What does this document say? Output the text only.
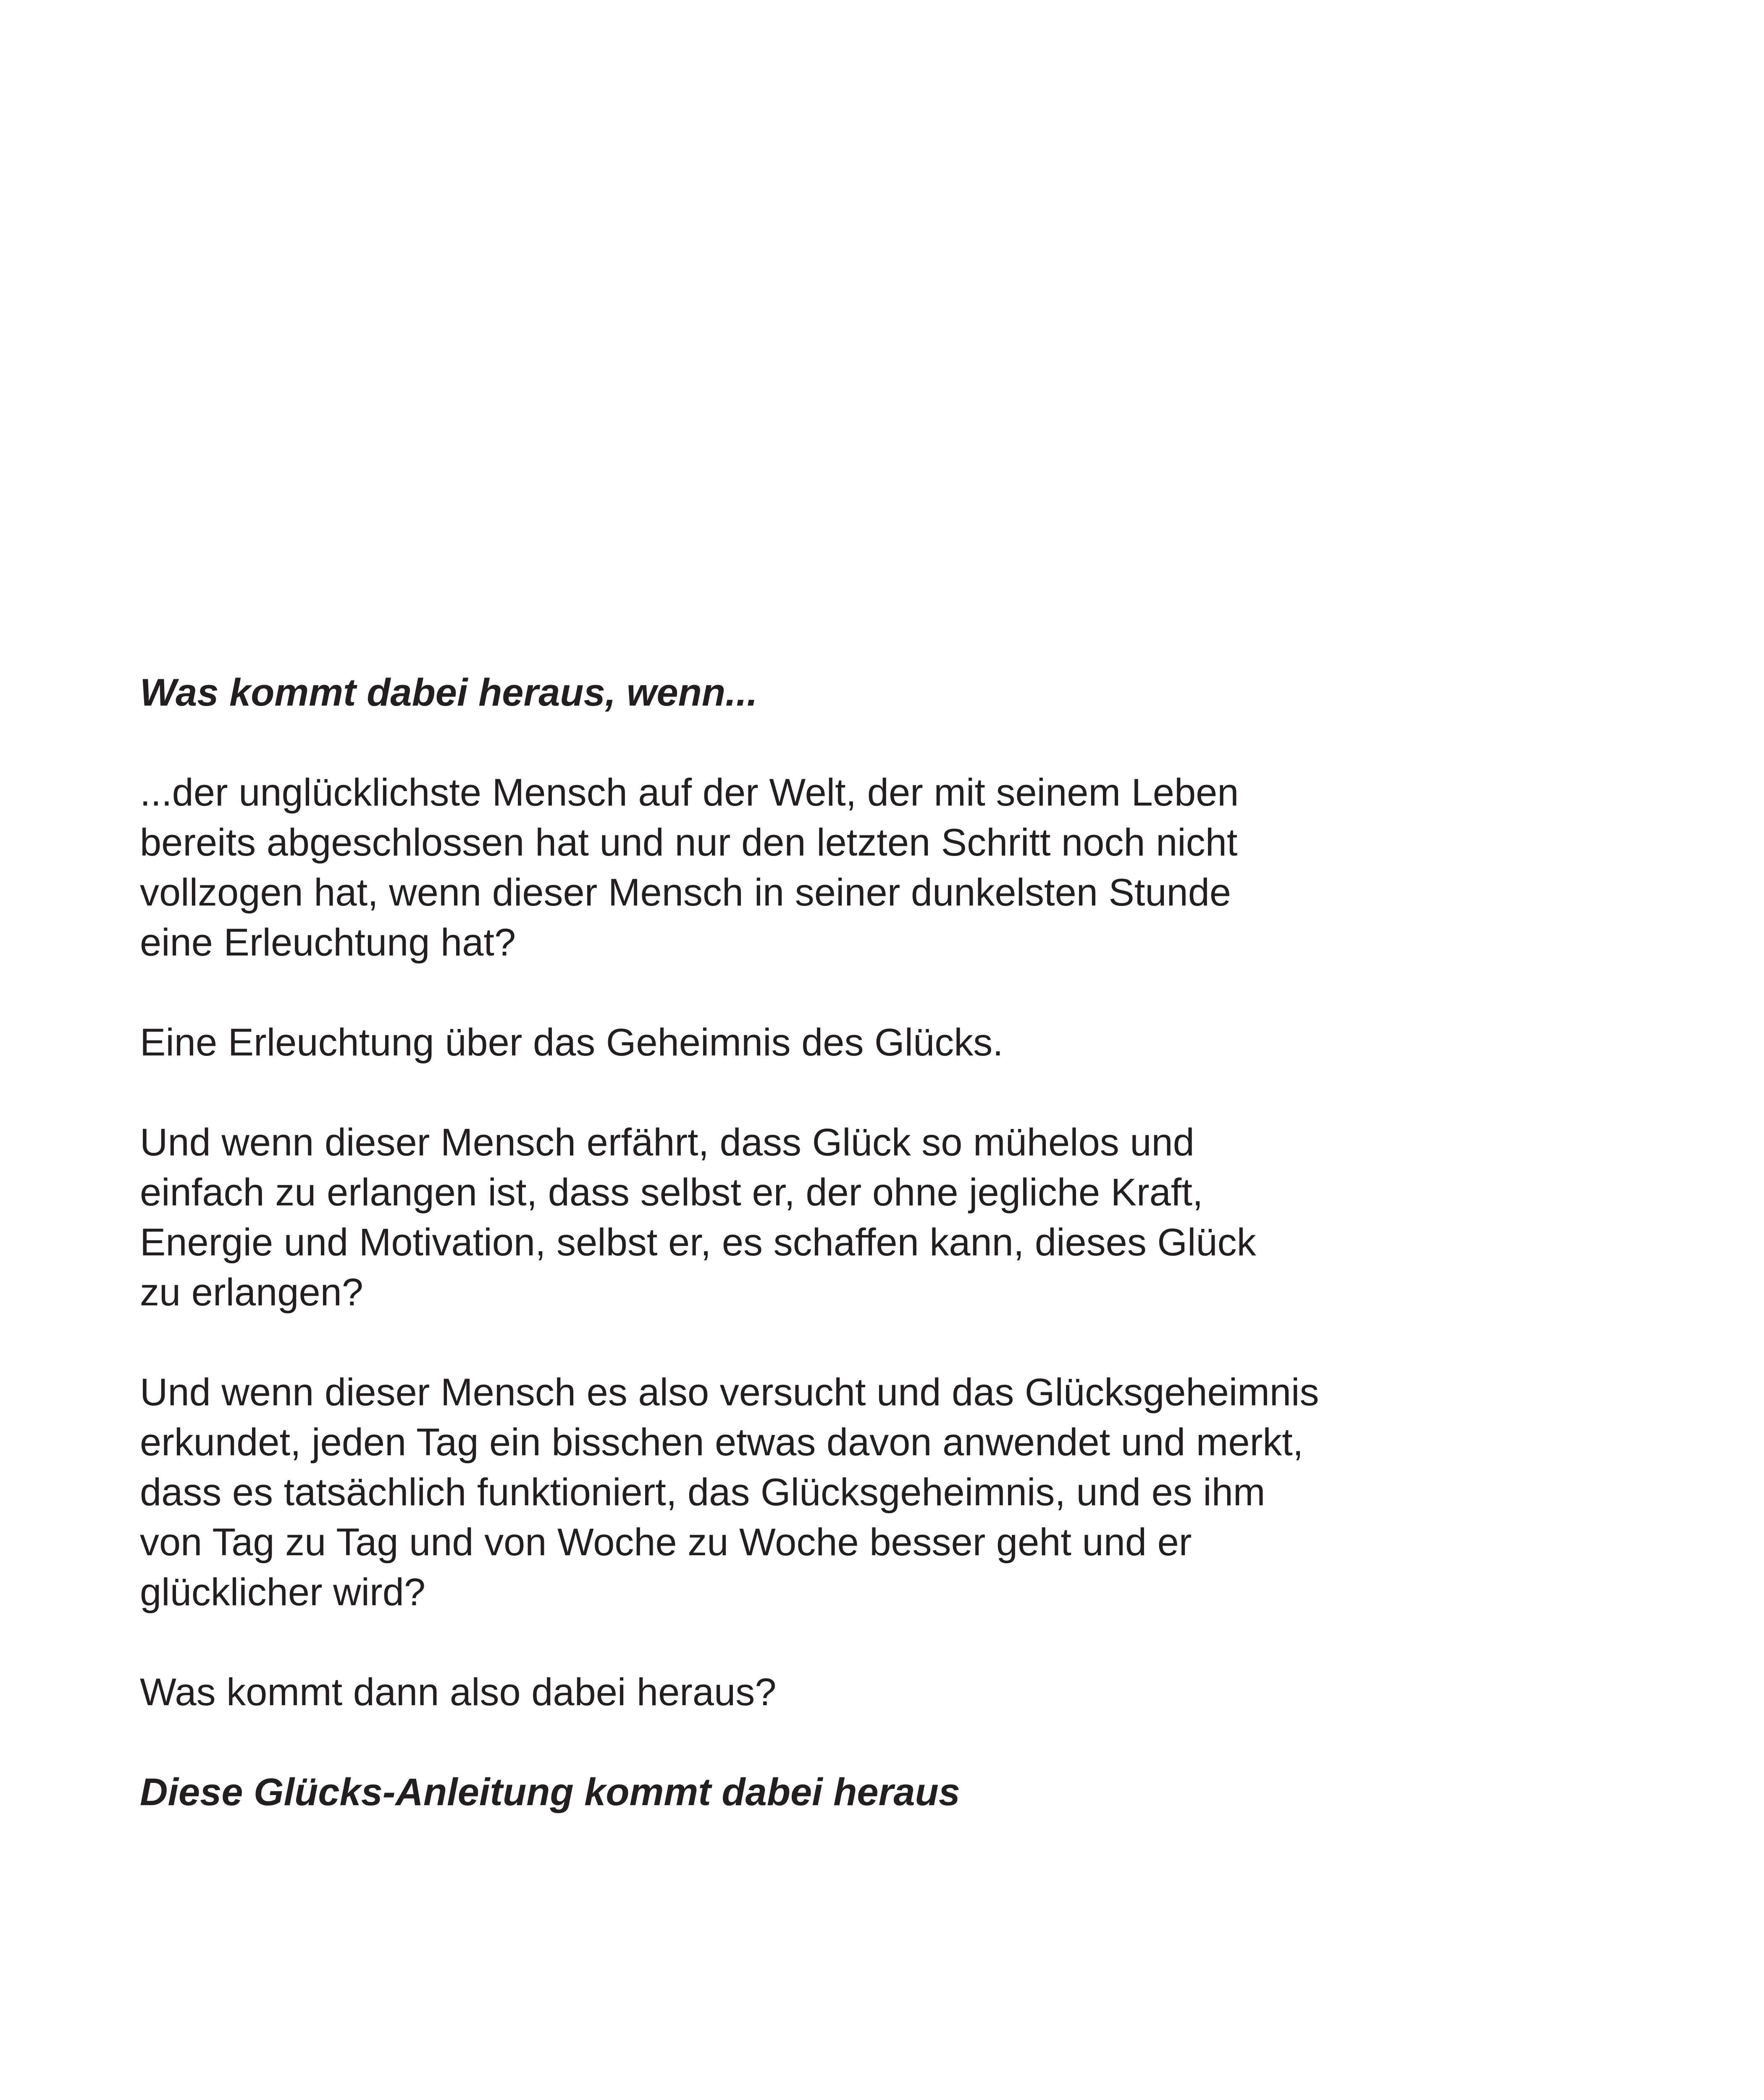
Was kommt dabei heraus, wenn...

...der unglücklichste Mensch auf der Welt, der mit seinem Leben
bereits abgeschlossen hat und nur den letzten Schritt noch nicht
vollzogen hat, wenn dieser Mensch in seiner dunkelsten Stunde
eine Erleuchtung hat?

Eine Erleuchtung über das Geheimnis des Glücks.

Und wenn dieser Mensch erfährt, dass Glück so mühelos und
einfach zu erlangen ist, dass selbst er, der ohne jegliche Kraft,
Energie und Motivation, selbst er, es schaffen kann, dieses Glück
zu erlangen?

Und wenn dieser Mensch es also versucht und das Glücksgeheimnis
erkundet, jeden Tag ein bisschen etwas davon anwendet und merkt,
dass es tatsächlich funktioniert, das Glücksgeheimnis, und es ihm
von Tag zu Tag und von Woche zu Woche besser geht und er
glücklicher wird?

Was kommt dann also dabei heraus?

Diese Glücks-Anleitung kommt dabei heraus
